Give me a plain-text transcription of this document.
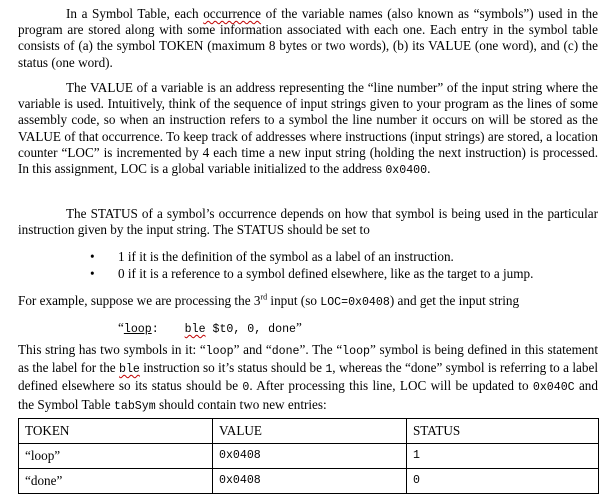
In a Symbol Table, each occurrence of the variable names (also known as “symbols”) used in the program are stored along with some information associated with each one. Each entry in the symbol table consists of (a) the symbol TOKEN (maximum 8 bytes or two words), (b) its VALUE (one word), and (c) the status (one word).

The VALUE of a variable is an address representing the “line number” of the input string where the variable is used. Intuitively, think of the sequence of input strings given to your program as the lines of some assembly code, so when an instruction refers to a symbol the line number it occurs on will be stored as the VALUE of that occurrence. To keep track of addresses where instructions (input strings) are stored, a location counter “LOC” is incremented by 4 each time a new input string (holding the next instruction) is processed. In this assignment, LOC is a global variable initialized to the address 0x0400.

The STATUS of a symbol’s occurrence depends on how that symbol is being used in the particular instruction given by the input string. The STATUS should be set to

• 1 if it is the definition of the symbol as a label of an instruction.
• 0 if it is a reference to a symbol defined elsewhere, like as the target to a jump.
For example, suppose we are processing the 3rd input (so LOC=0x0408) and get the input string
“loop: ble $t0, 0, done”

This string has two symbols in it: “loop” and “done”. The “loop” symbol is being defined in this statement as the label for the ble instruction so it’s status should be 1, whereas the “done” symbol is referring to a label defined elsewhere so its status should be 0. After processing this line, LOC will be updated to 0x040C and the Symbol Table tabSym should contain two new entries:

TOKEN	VALUE	STATUS
“loop”	0x0408	1
“done”	0x0408	0
